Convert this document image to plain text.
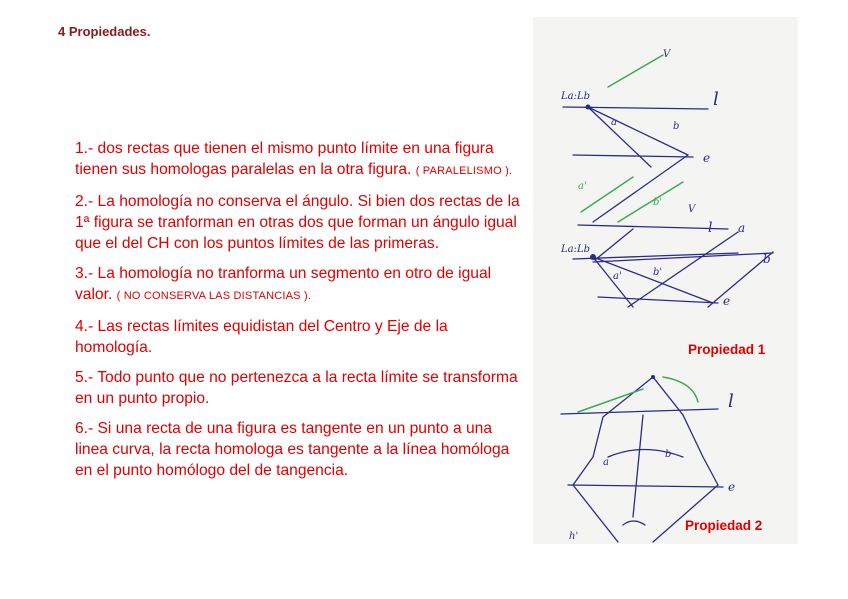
4 Propiedades.
1.- dos rectas que tienen el mismo punto límite en una figura tienen sus homologas paralelas en la otra figura. ( PARALELISMO ).
2.- La homología no conserva el ángulo. Si bien dos rectas de la 1ª figura se tranforman en otras dos que forman un ángulo igual que el del CH con los puntos límites de las primeras.
3.- La homología no tranforma un segmento en otro de igual valor. ( NO CONSERVA LAS DISTANCIAS ).
4.- Las rectas límites equidistan del Centro y Eje de la homología.
5.- Todo punto que no pertenezca a la recta límite se transforma en un punto propio.
6.- Si una recta de una figura es tangente en un punto a una linea curva, la recta homologa es tangente a la línea homóloga en el punto homólogo del de tangencia.
La:Lb
V
l
e
a	b
a'
b'
La:Lb
V
l a
b
e
b'
a'
l
e
a
b
h'
Propiedad 1
Propiedad 2
